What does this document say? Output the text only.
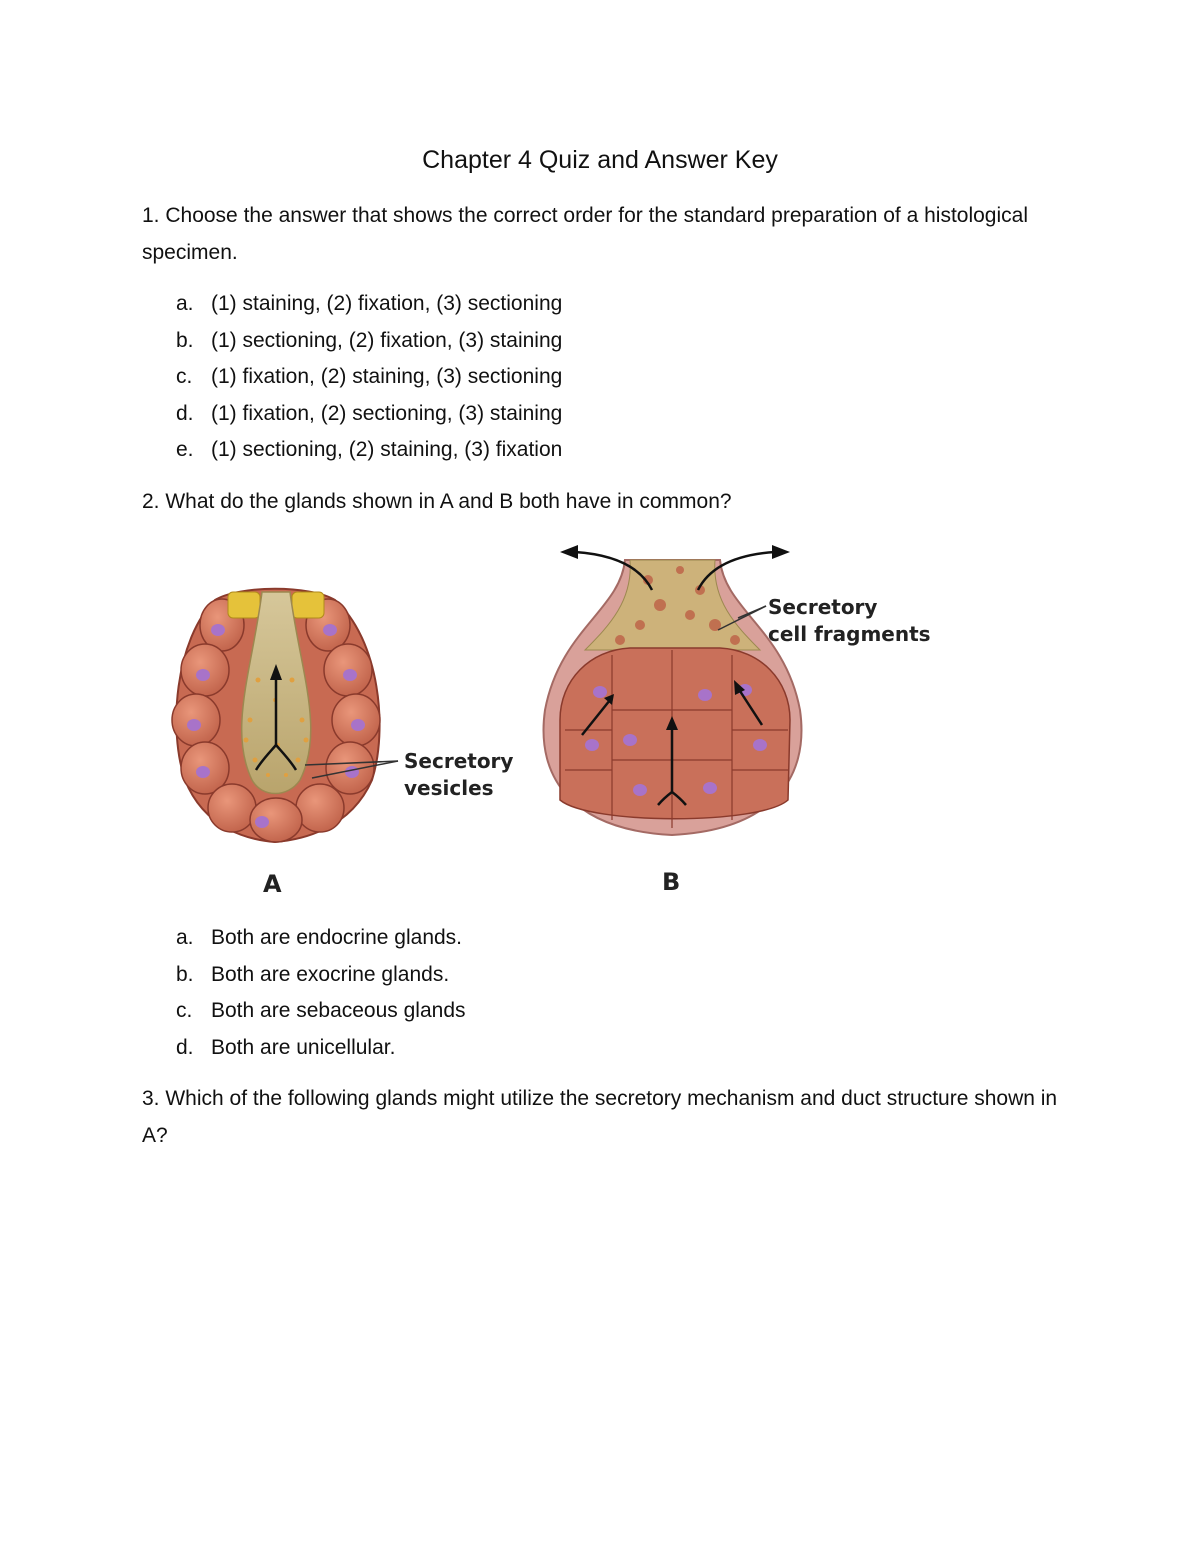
Chapter 4 Quiz and Answer Key
1. Choose the answer that shows the correct order for the standard preparation of a histological specimen.
a. (1) staining, (2) fixation, (3) sectioning
b. (1) sectioning, (2) fixation, (3) staining
c. (1) fixation, (2) staining, (3) sectioning
d. (1) fixation, (2) sectioning, (3) staining
e. (1) sectioning, (2) staining, (3) fixation
2. What do the glands shown in A and B both have in common?
Secretory
vesicles
A
Secretory
cell fragments
B
a. Both are endocrine glands.
b. Both are exocrine glands.
c. Both are sebaceous glands
d. Both are unicellular.
3. Which of the following glands might utilize the secretory mechanism and duct structure shown in A?
